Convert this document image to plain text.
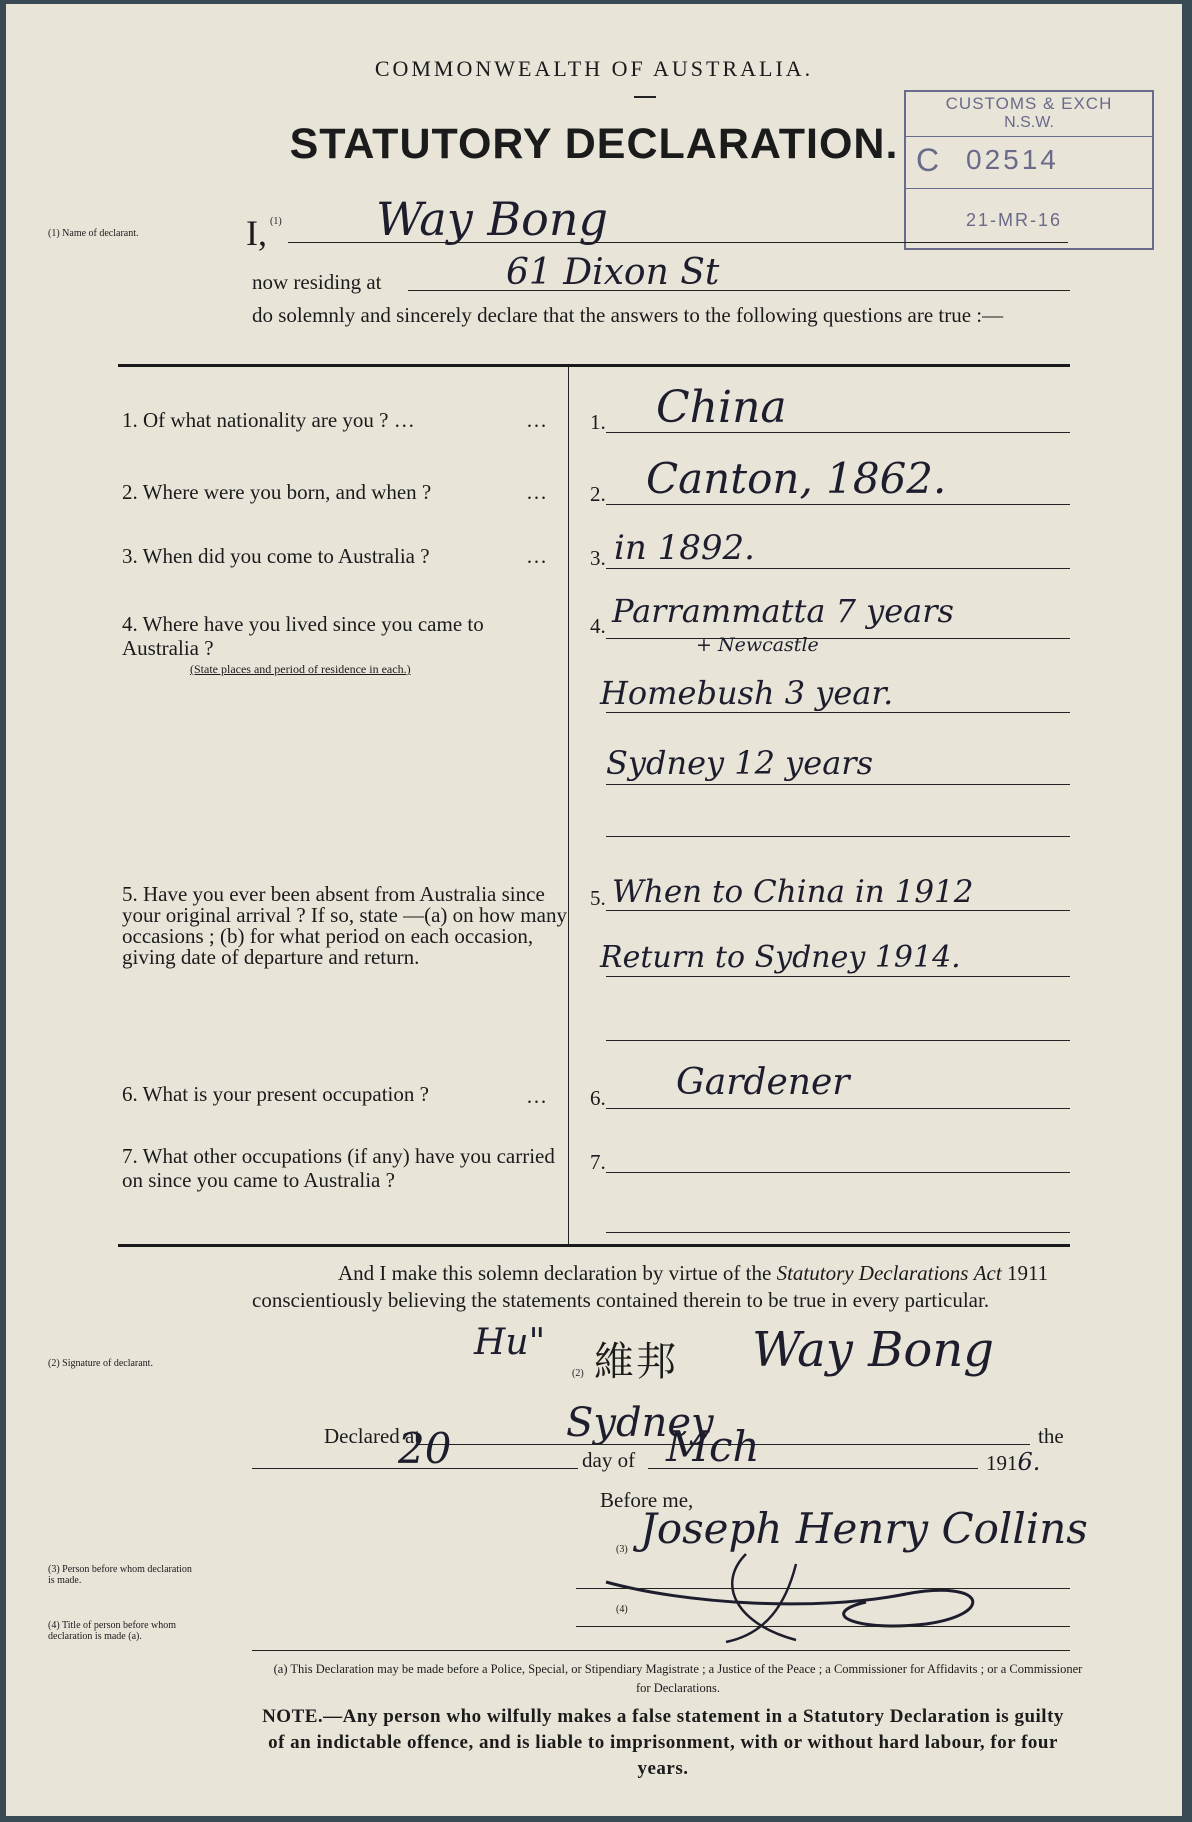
CUSTOMS & EXCH
N.S.W.
C 02514
21-MR-16
COMMONWEALTH OF AUSTRALIA.
STATUTORY DECLARATION.
(1) Name of declarant.	I, (1) Way Bong
now residing at	61 Dixon St
do solemnly and sincerely declare that the answers to the following questions are true :—
1. Of what nationality are you ? …	… 1. China
2. Where were you born, and when ?	… 2. Canton, 1862.
3. When did you come to Australia ?	… 3. in 1892.
4. Where have you lived since you came to Australia ?
(State places and period of residence in each.)
4. Parrammatta 7 years
+ Newcastle
Homebush 3 year.
Sydney 12 years
5. Have you ever been absent from Australia since your original arrival ? If so, state —(a) on how many occasions ; (b) for what period on each occasion, giving date of departure and return.
5. When to China in 1912
Return to Sydney 1914.
6. What is your present occupation ?	… 6. Gardener
7. What other occupations (if any) have you carried on since you came to Australia ?
7.
And I make this solemn declaration by virtue of the Statutory Declarations Act 1911 conscientiously believing the statements contained therein to be true in every particular.
(2) Signature of declarant.
Hu" 維邦 Way Bong
(2)
Declared at	Sydney	the
20	day of Mch	1916.
Before me,
(3) Person before whom declaration is made.
(3) Joseph Henry Collins
(4) Title of person before whom declaration is made (a).
(4)
(a) This Declaration may be made before a Police, Special, or Stipendiary Magistrate ; a Justice of the Peace ; a Commissioner for Affidavits ; or a Commissioner for Declarations.
NOTE.—Any person who wilfully makes a false statement in a Statutory Declaration is guilty of an indictable offence, and is liable to imprisonment, with or without hard labour, for four years.
